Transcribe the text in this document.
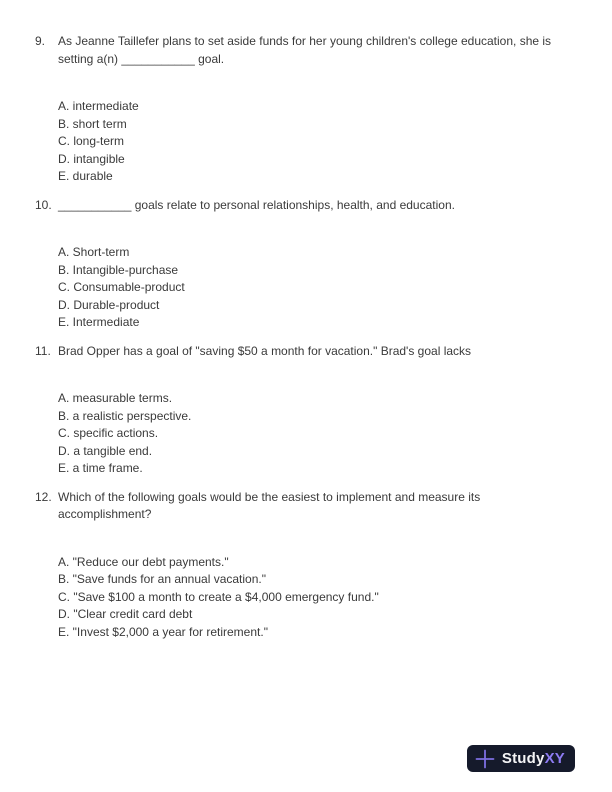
9.	As Jeanne Taillefer plans to set aside funds for her young children's college education, she is setting a(n) ___________ goal.

A. intermediate
B. short term
C. long-term
D. intangible
E. durable
10. ___________ goals relate to personal relationships, health, and education.

A. Short-term
B. Intangible-purchase
C. Consumable-product
D. Durable-product
E. Intermediate
11. Brad Opper has a goal of "saving $50 a month for vacation." Brad's goal lacks

A. measurable terms.
B. a realistic perspective.
C. specific actions.
D. a tangible end.
E. a time frame.
12. Which of the following goals would be the easiest to implement and measure its accomplishment?

A. "Reduce our debt payments."
B. "Save funds for an annual vacation."
C. "Save $100 a month to create a $4,000 emergency fund."
D. "Clear credit card debt
E. "Invest $2,000 a year for retirement."
StudyXY
